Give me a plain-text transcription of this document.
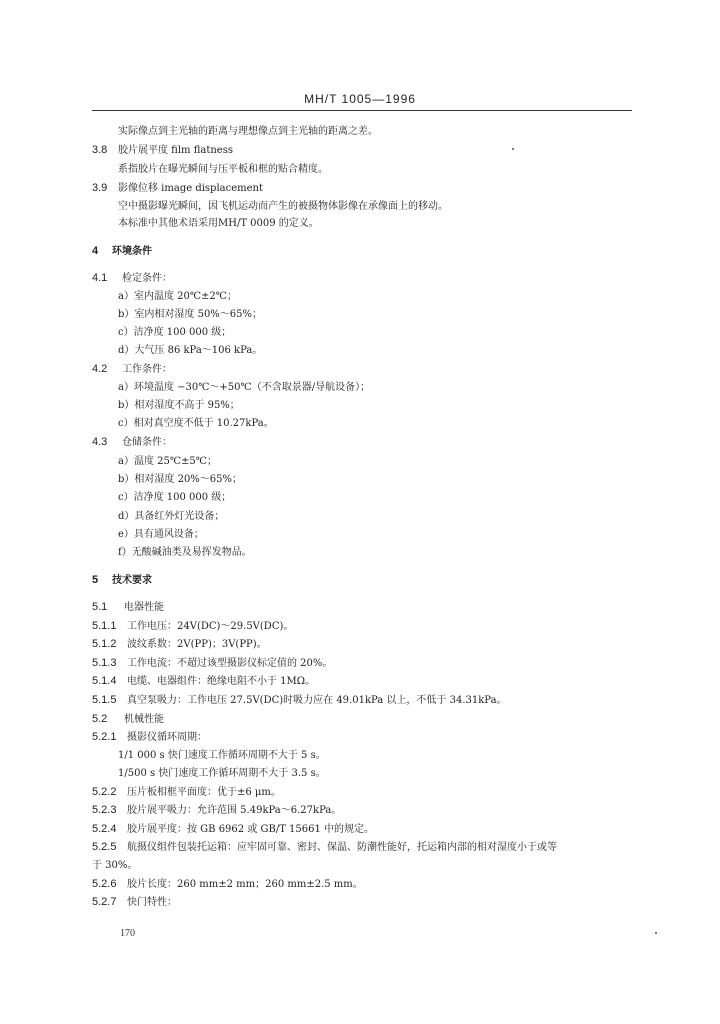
MH/T 1005—1996
实际像点到主光轴的距离与理想像点到主光轴的距离之差。
3.8 胶片展平度 film flatness
系指胶片在曝光瞬间与压平板和框的贴合精度。
3.9 影像位移 image displacement
空中摄影曝光瞬间，因飞机运动而产生的被摄物体影像在承像面上的移动。
本标准中其他术语采用MH/T 0009 的定义。
4 环境条件
4.1 检定条件：
a）室内温度 20℃±2℃；
b）室内相对湿度 50%～65%；
c）洁净度 100 000 级；
d）大气压 86 kPa～106 kPa。
4.2 工作条件：
a）环境温度 −30℃～+50℃（不含取景器/导航设备）；
b）相对湿度不高于 95%；
c）相对真空度不低于 10.27kPa。
4.3 仓储条件：
a）温度 25℃±5℃；
b）相对湿度 20%～65%；
c）洁净度 100 000 级；
d）具备红外灯光设备；
e）具有通风设备；
f）无酸碱油类及易挥发物品。
5 技术要求
5.1 电器性能
5.1.1 工作电压：24V(DC)～29.5V(DC)。
5.1.2 波纹系数：2V(PP)；3V(PP)。
5.1.3 工作电流：不超过该型摄影仪标定值的 20%。
5.1.4 电缆、电器组件：绝缘电阻不小于 1MΩ。
5.1.5 真空泵吸力：工作电压 27.5V(DC)时吸力应在 49.01kPa 以上，不低于 34.31kPa。
5.2 机械性能
5.2.1 摄影仪循环周期：
1/1 000 s 快门速度工作循环周期不大于 5 s。
1/500 s 快门速度工作循环周期不大于 3.5 s。
5.2.2 压片板相框平面度：优于±6 μm。
5.2.3 胶片展平吸力：允许范围 5.49kPa～6.27kPa。
5.2.4 胶片展平度：按 GB 6962 或 GB/T 15661 中的规定。
5.2.5 航摄仪组件包装托运箱：应牢固可靠、密封、保温、防潮性能好，托运箱内部的相对湿度小于或等
于 30%。
5.2.6 胶片长度：260 mm±2 mm；260 mm±2.5 mm。
5.2.7 快门特性：
170
